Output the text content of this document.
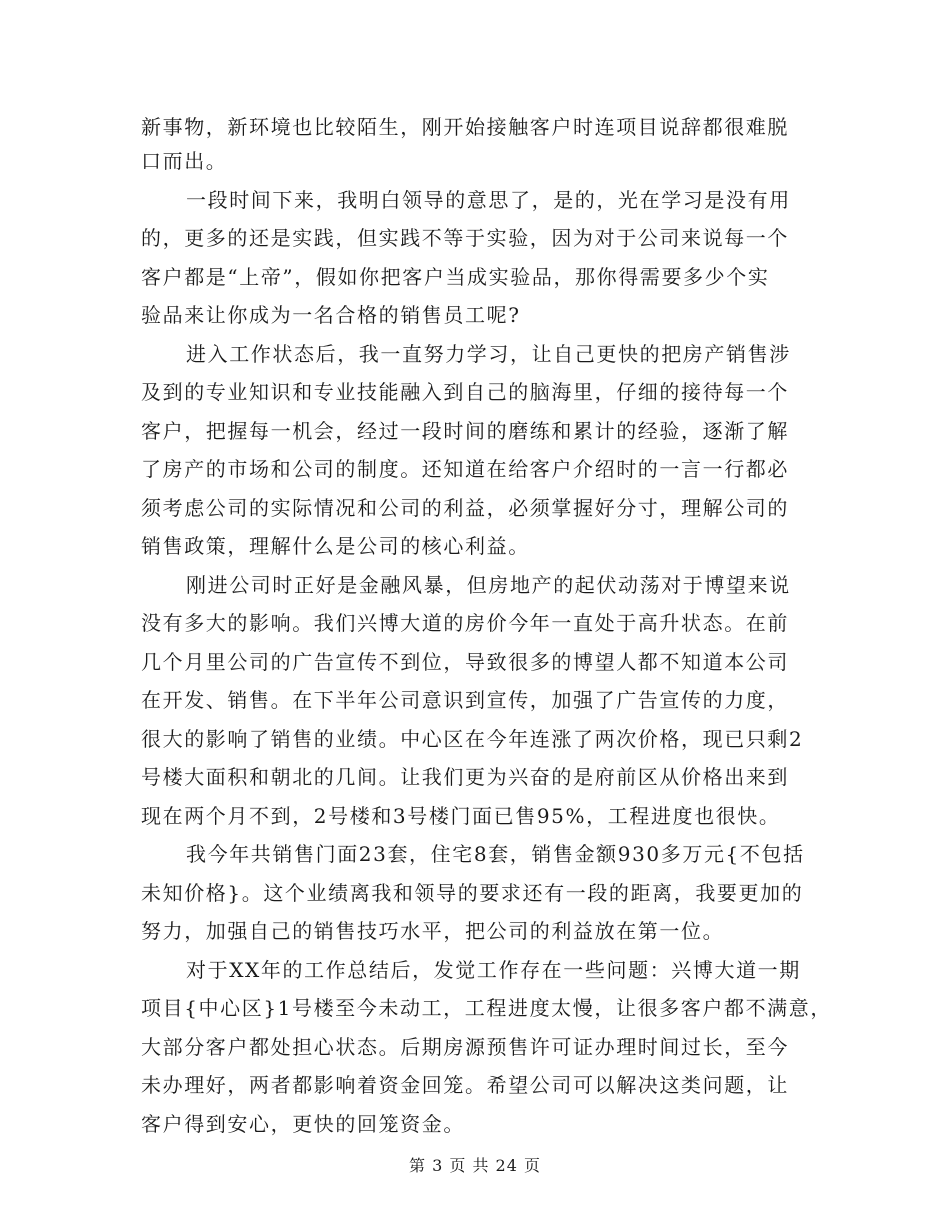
新事物，新环境也比较陌生，刚开始接触客户时连项目说辞都很难脱
口而出。
一段时间下来，我明白领导的意思了，是的，光在学习是没有用
的，更多的还是实践，但实践不等于实验，因为对于公司来说每一个
客户都是“上帝”，假如你把客户当成实验品，那你得需要多少个实
验品来让你成为一名合格的销售员工呢?
进入工作状态后，我一直努力学习，让自己更快的把房产销售涉
及到的专业知识和专业技能融入到自己的脑海里，仔细的接待每一个
客户，把握每一机会，经过一段时间的磨练和累计的经验，逐渐了解
了房产的市场和公司的制度。还知道在给客户介绍时的一言一行都必
须考虑公司的实际情况和公司的利益，必须掌握好分寸，理解公司的
销售政策，理解什么是公司的核心利益。
刚进公司时正好是金融风暴，但房地产的起伏动荡对于博望来说
没有多大的影响。我们兴博大道的房价今年一直处于高升状态。在前
几个月里公司的广告宣传不到位，导致很多的博望人都不知道本公司
在开发、销售。在下半年公司意识到宣传，加强了广告宣传的力度，
很大的影响了销售的业绩。中心区在今年连涨了两次价格，现已只剩2
号楼大面积和朝北的几间。让我们更为兴奋的是府前区从价格出来到
现在两个月不到，2号楼和3号楼门面已售95%，工程进度也很快。
我今年共销售门面23套，住宅8套，销售金额930多万元{不包括
未知价格}。这个业绩离我和领导的要求还有一段的距离，我要更加的
努力，加强自己的销售技巧水平，把公司的利益放在第一位。
对于XX年的工作总结后，发觉工作存在一些问题：兴博大道一期
项目{中心区}1号楼至今未动工，工程进度太慢，让很多客户都不满意，
大部分客户都处担心状态。后期房源预售许可证办理时间过长，至今
未办理好，两者都影响着资金回笼。希望公司可以解决这类问题，让
客户得到安心，更快的回笼资金。
第 3 页 共 24 页
